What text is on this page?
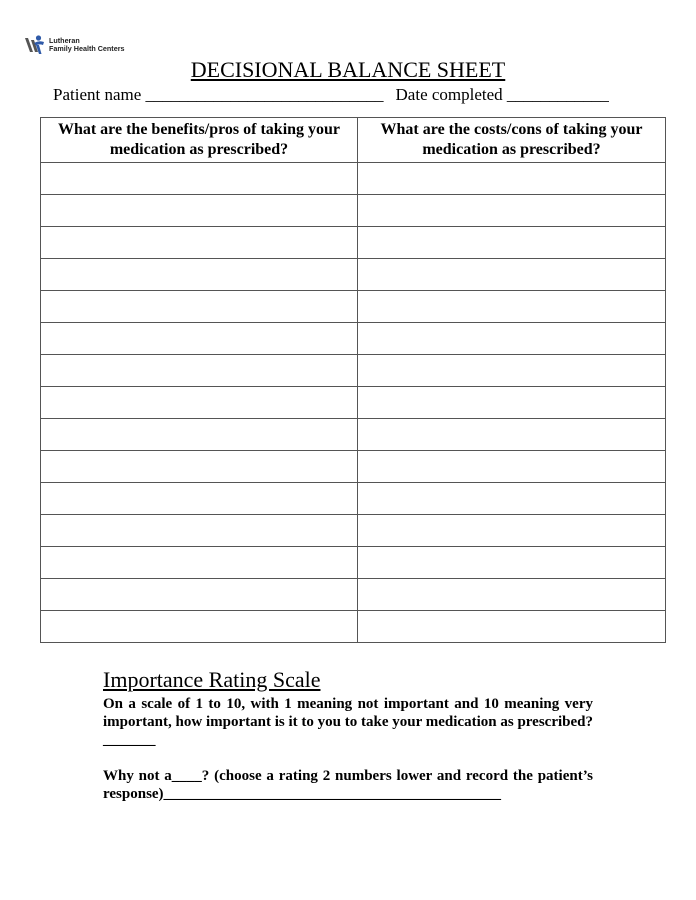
Lutheran
Family Health Centers
DECISIONAL BALANCE SHEET
Patient name ____________________________ Date completed ____________
What are the benefits/pros of taking your medication as prescribed?	What are the costs/cons of taking your medication as prescribed?

Importance Rating Scale

On a scale of 1 to 10, with 1 meaning not important and 10 meaning very important, how important is it to you to take your medication as prescribed?_______

Why not a____? (choose a rating 2 numbers lower and record the patient’s response)_____________________________________________
